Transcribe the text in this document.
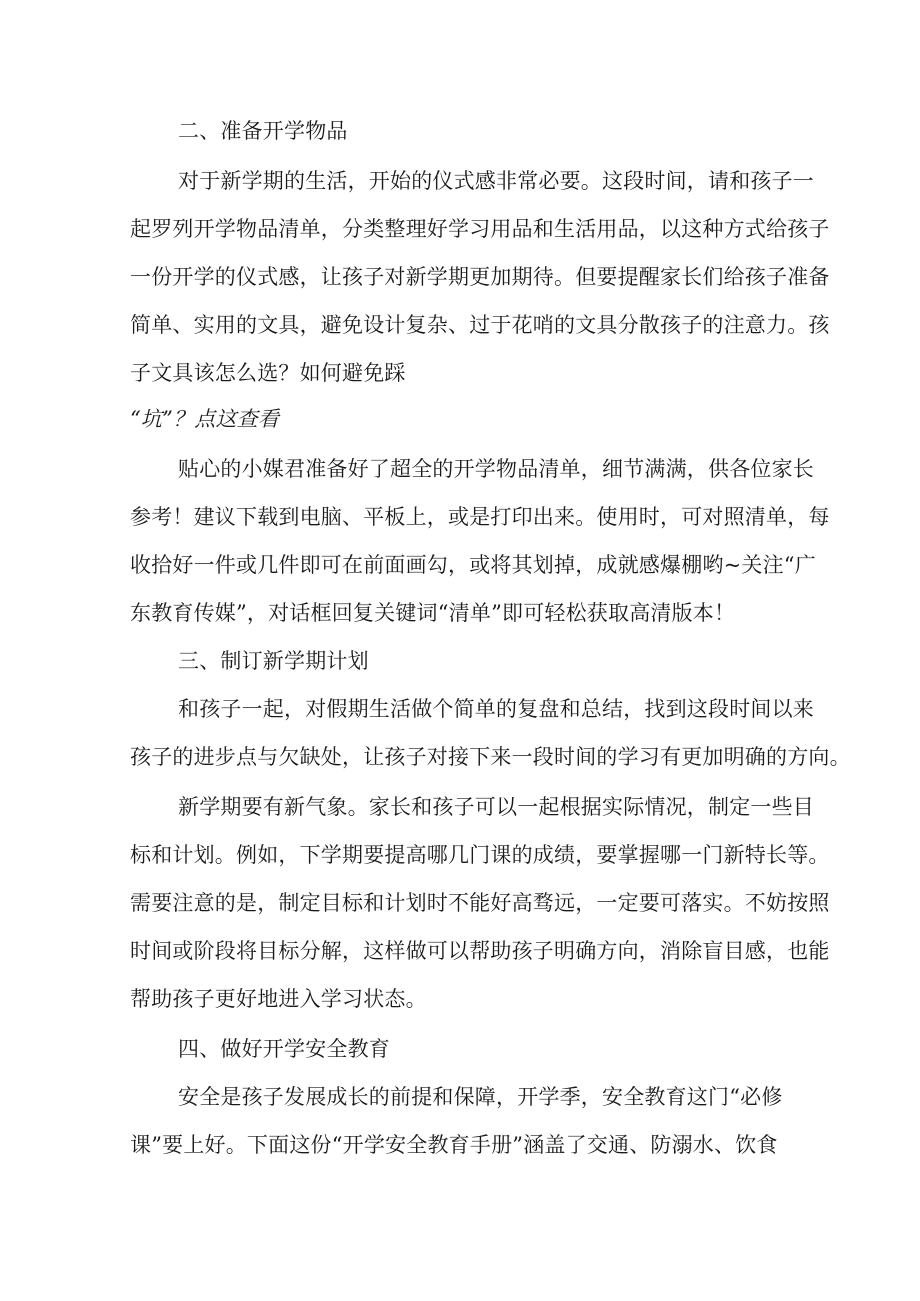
二、准备开学物品
对于新学期的生活，开始的仪式感非常必要。这段时间，请和孩子一
起罗列开学物品清单，分类整理好学习用品和生活用品，以这种方式给孩子
一份开学的仪式感，让孩子对新学期更加期待。但要提醒家长们给孩子准备
简单、实用的文具，避免设计复杂、过于花哨的文具分散孩子的注意力。孩
子文具该怎么选？如何避免踩
“坑”？点这查看
贴心的小媒君准备好了超全的开学物品清单，细节满满，供各位家长
参考！建议下载到电脑、平板上，或是打印出来。使用时，可对照清单，每
收拾好一件或几件即可在前面画勾，或将其划掉，成就感爆棚哟~关注“广
东教育传媒”，对话框回复关键词“清单”即可轻松获取高清版本！
三、制订新学期计划
和孩子一起，对假期生活做个简单的复盘和总结，找到这段时间以来
孩子的进步点与欠缺处，让孩子对接下来一段时间的学习有更加明确的方向。
新学期要有新气象。家长和孩子可以一起根据实际情况，制定一些目
标和计划。例如，下学期要提高哪几门课的成绩，要掌握哪一门新特长等。
需要注意的是，制定目标和计划时不能好高骛远，一定要可落实。不妨按照
时间或阶段将目标分解，这样做可以帮助孩子明确方向，消除盲目感，也能
帮助孩子更好地进入学习状态。
四、做好开学安全教育
安全是孩子发展成长的前提和保障，开学季，安全教育这门“必修
课”要上好。下面这份“开学安全教育手册”涵盖了交通、防溺水、饮食
